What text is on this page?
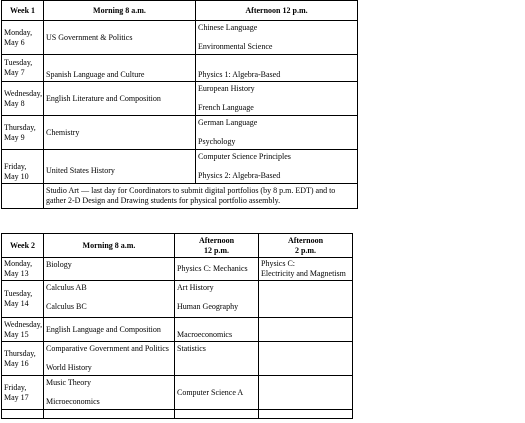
Week 1	Morning 8 a.m.	Afternoon 12 p.m.

Monday,
May 6	US Government & Politics	Chinese Language
Environmental Science

Tuesday,
May 7	Spanish Language and Culture	Physics 1: Algebra-Based

Wednesday,
May 8	English Literature and Composition	European History
French Language

Thursday,
May 9	Chemistry	German Language
Psychology

Friday,
May 10	United States History	Computer Science Principles
Physics 2: Algebra-Based

	Studio Art — last day for Coordinators to submit digital portfolios (by 8 p.m. EDT) and to gather 2-D Design and Drawing students for physical portfolio assembly.	
Week 2	Morning 8 a.m.	Afternoon
12 p.m.	Afternoon
2 p.m.

Monday,
May 13	Biology	Physics C: Mechanics	Physics C:
Electricity and Magnetism

Tuesday,
May 14	Calculus AB
Calculus BC	Art History
Human Geography	

Wednesday,
May 15	English Language and Composition	Macroeconomics	

Thursday,
May 16	Comparative Government and Politics
World History	Statistics	

Friday,
May 17	Music Theory
Microeconomics	Computer Science A	
